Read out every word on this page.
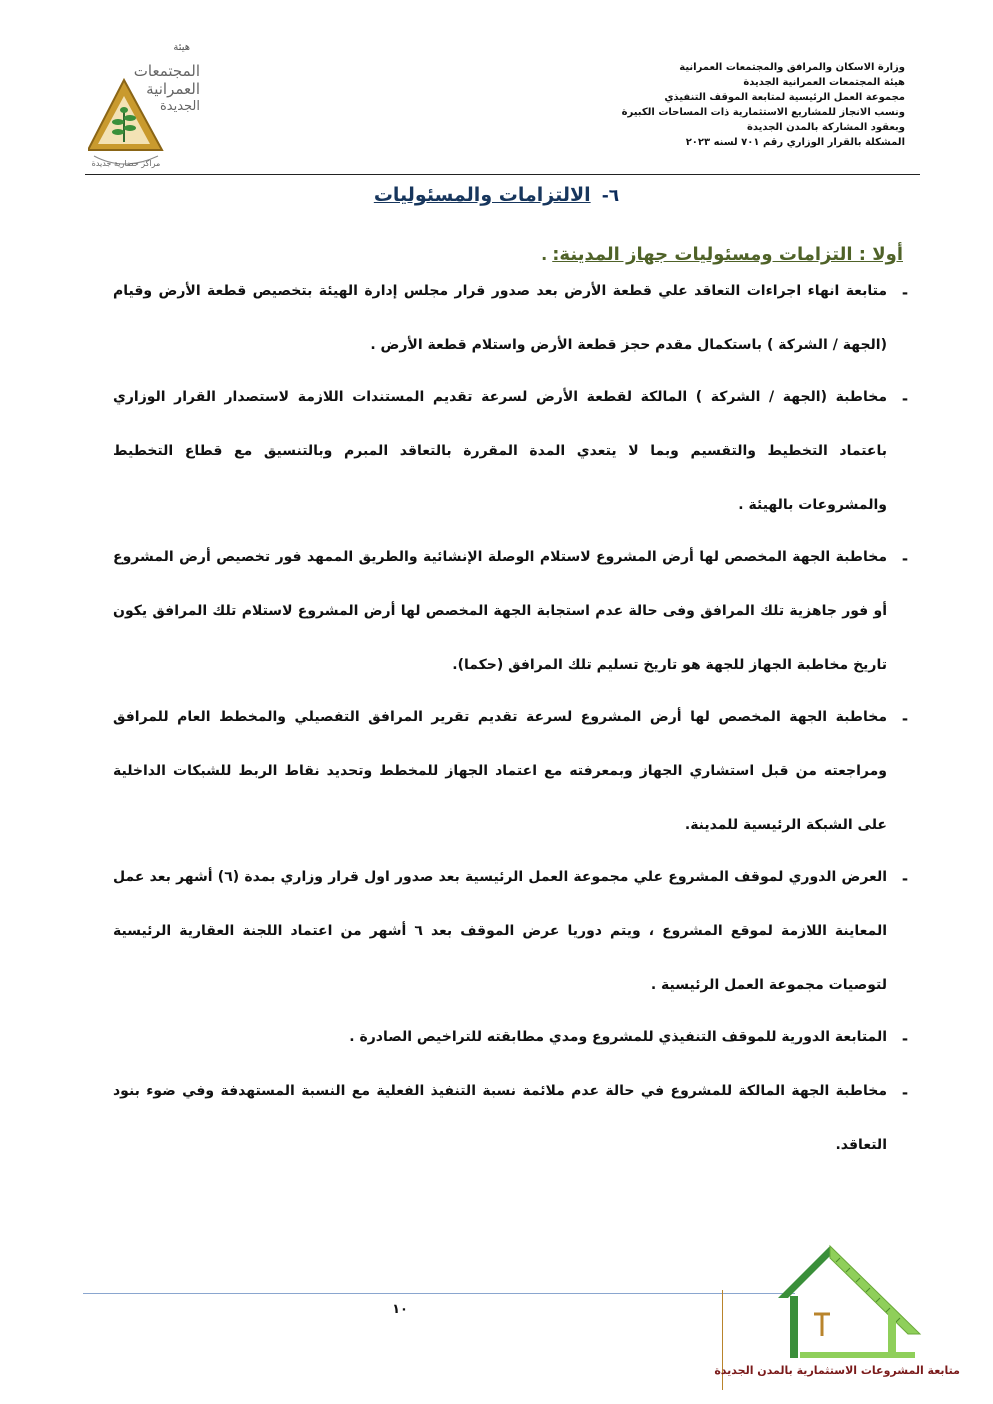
وزارة الاسكان والمرافق والمجتمعات العمرانية
هيئة المجتمعات العمرانية الجديدة
مجموعة العمل الرئيسية لمتابعة الموقف التنفيذي
ونسب الانجاز للمشاريع الاستثمارية ذات المساحات الكبيرة
وبعقود المشاركة بالمدن الجديدة
المشكلة بالقرار الوزاري رقم ٧٠١ لسنه ٢٠٢٣
هيئة
المجتمعات
العمرانية
الجديدة
مراكز حضارية جديدة
٦- الالتزامات والمسئوليات
أولا : التزامات ومسئوليات جهاز المدينة: .
-
متابعة انهاء اجراءات التعاقد علي قطعة الأرض بعد صدور قرار مجلس إدارة الهيئة بتخصيص قطعة الأرض وقيام (الجهة / الشركة ) باستكمال مقدم حجز قطعة الأرض واستلام قطعة الأرض .
-
مخاطبة (الجهة / الشركة ) المالكة لقطعة الأرض لسرعة تقديم المستندات اللازمة لاستصدار القرار الوزاري باعتماد التخطيط والتقسيم وبما لا يتعدي المدة المقررة بالتعاقد المبرم وبالتنسيق مع قطاع التخطيط والمشروعات بالهيئة .
-
مخاطبة الجهة المخصص لها أرض المشروع لاستلام الوصلة الإنشائية والطريق الممهد فور تخصيص أرض المشروع أو فور جاهزية تلك المرافق وفى حالة عدم استجابة الجهة المخصص لها أرض المشروع لاستلام تلك المرافق يكون تاريخ مخاطبة الجهاز للجهة هو تاريخ تسليم تلك المرافق (حكما).
-
مخاطبة الجهة المخصص لها أرض المشروع لسرعة تقديم تقرير المرافق التفصيلي والمخطط العام للمرافق ومراجعته من قبل استشاري الجهاز وبمعرفته مع اعتماد الجهاز للمخطط وتحديد نقاط الربط للشبكات الداخلية على الشبكة الرئيسية للمدينة.
-
العرض الدوري لموقف المشروع علي مجموعة العمل الرئيسية بعد صدور اول قرار وزاري بمدة (٦) أشهر بعد عمل المعاينة اللازمة لموقع المشروع ، ويتم دوريا عرض الموقف بعد ٦ أشهر من اعتماد اللجنة العقارية الرئيسية لتوصيات مجموعة العمل الرئيسية .
-
المتابعة الدورية للموقف التنفيذي للمشروع ومدي مطابقته للتراخيص الصادرة .
-
مخاطبة الجهة المالكة للمشروع في حالة عدم ملائمة نسبة التنفيذ الفعلية مع النسبة المستهدفة وفي ضوء بنود التعاقد.
١٠
متابعة المشروعات الاستثمارية بالمدن الجديدة
